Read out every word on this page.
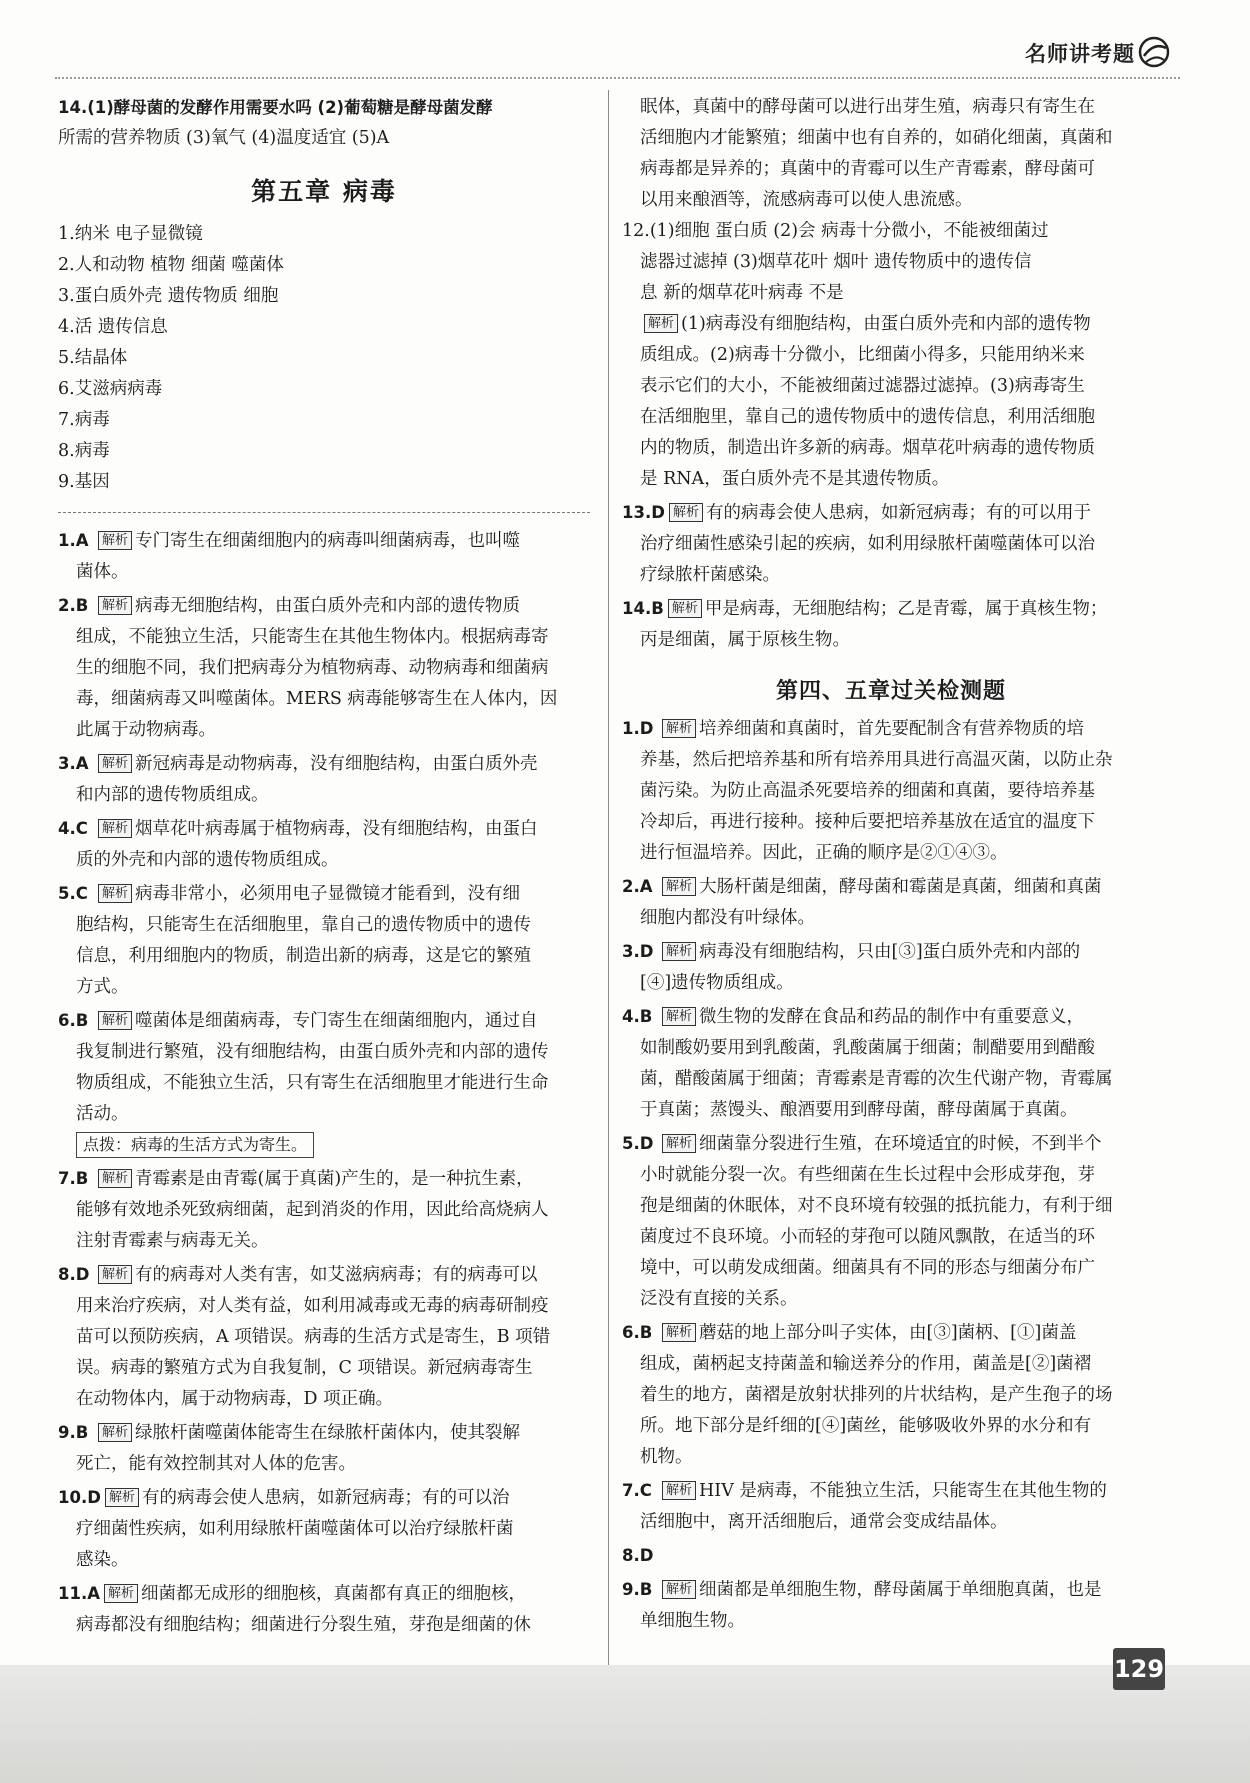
名师讲考题
14.(1)酵母菌的发酵作用需要水吗 (2)葡萄糖是酵母菌发酵
所需的营养物质 (3)氧气 (4)温度适宜 (5)A
第五章 病毒
1.纳米 电子显微镜
2.人和动物 植物 细菌 噬菌体
3.蛋白质外壳 遗传物质 细胞
4.活 遗传信息
5.结晶体
6.艾滋病病毒
7.病毒
8.病毒
9.基因
1.A 解析 专门寄生在细菌细胞内的病毒叫细菌病毒，也叫噬
菌体。
2.B 解析 病毒无细胞结构，由蛋白质外壳和内部的遗传物质
组成，不能独立生活，只能寄生在其他生物体内。根据病毒寄
生的细胞不同，我们把病毒分为植物病毒、动物病毒和细菌病
毒，细菌病毒又叫噬菌体。MERS 病毒能够寄生在人体内，因
此属于动物病毒。
3.A 解析 新冠病毒是动物病毒，没有细胞结构，由蛋白质外壳
和内部的遗传物质组成。
4.C 解析 烟草花叶病毒属于植物病毒，没有细胞结构，由蛋白
质的外壳和内部的遗传物质组成。
5.C 解析 病毒非常小，必须用电子显微镜才能看到，没有细
胞结构，只能寄生在活细胞里，靠自己的遗传物质中的遗传
信息，利用细胞内的物质，制造出新的病毒，这是它的繁殖
方式。
6.B 解析 噬菌体是细菌病毒，专门寄生在细菌细胞内，通过自
我复制进行繁殖，没有细胞结构，由蛋白质外壳和内部的遗传
物质组成，不能独立生活，只有寄生在活细胞里才能进行生命
活动。
点拨：病毒的生活方式为寄生。
7.B 解析 青霉素是由青霉(属于真菌)产生的，是一种抗生素，
能够有效地杀死致病细菌，起到消炎的作用，因此给高烧病人
注射青霉素与病毒无关。
8.D 解析 有的病毒对人类有害，如艾滋病病毒；有的病毒可以
用来治疗疾病，对人类有益，如利用减毒或无毒的病毒研制疫
苗可以预防疾病，A 项错误。病毒的生活方式是寄生，B 项错
误。病毒的繁殖方式为自我复制，C 项错误。新冠病毒寄生
在动物体内，属于动物病毒，D 项正确。
9.B 解析 绿脓杆菌噬菌体能寄生在绿脓杆菌体内，使其裂解
死亡，能有效控制其对人体的危害。
10.D 解析 有的病毒会使人患病，如新冠病毒；有的可以治
疗细菌性疾病，如利用绿脓杆菌噬菌体可以治疗绿脓杆菌
感染。
11.A 解析 细菌都无成形的细胞核，真菌都有真正的细胞核，
病毒都没有细胞结构；细菌进行分裂生殖，芽孢是细菌的休
眠体，真菌中的酵母菌可以进行出芽生殖，病毒只有寄生在
活细胞内才能繁殖；细菌中也有自养的，如硝化细菌，真菌和
病毒都是异养的；真菌中的青霉可以生产青霉素，酵母菌可
以用来酿酒等，流感病毒可以使人患流感。
12.(1)细胞 蛋白质 (2)会 病毒十分微小，不能被细菌过
滤器过滤掉 (3)烟草花叶 烟叶 遗传物质中的遗传信
息 新的烟草花叶病毒 不是
解析 (1)病毒没有细胞结构，由蛋白质外壳和内部的遗传物
质组成。(2)病毒十分微小，比细菌小得多，只能用纳米来
表示它们的大小，不能被细菌过滤器过滤掉。(3)病毒寄生
在活细胞里，靠自己的遗传物质中的遗传信息，利用活细胞
内的物质，制造出许多新的病毒。烟草花叶病毒的遗传物质
是 RNA，蛋白质外壳不是其遗传物质。
13.D 解析 有的病毒会使人患病，如新冠病毒；有的可以用于
治疗细菌性感染引起的疾病，如利用绿脓杆菌噬菌体可以治
疗绿脓杆菌感染。
14.B 解析 甲是病毒，无细胞结构；乙是青霉，属于真核生物；
丙是细菌，属于原核生物。
第四、五章过关检测题
1.D 解析 培养细菌和真菌时，首先要配制含有营养物质的培
养基，然后把培养基和所有培养用具进行高温灭菌，以防止杂
菌污染。为防止高温杀死要培养的细菌和真菌，要待培养基
冷却后，再进行接种。接种后要把培养基放在适宜的温度下
进行恒温培养。因此，正确的顺序是②①④③。
2.A 解析 大肠杆菌是细菌，酵母菌和霉菌是真菌，细菌和真菌
细胞内都没有叶绿体。
3.D 解析 病毒没有细胞结构，只由[③]蛋白质外壳和内部的
[④]遗传物质组成。
4.B 解析 微生物的发酵在食品和药品的制作中有重要意义，
如制酸奶要用到乳酸菌，乳酸菌属于细菌；制醋要用到醋酸
菌，醋酸菌属于细菌；青霉素是青霉的次生代谢产物，青霉属
于真菌；蒸馒头、酿酒要用到酵母菌，酵母菌属于真菌。
5.D 解析 细菌靠分裂进行生殖，在环境适宜的时候，不到半个
小时就能分裂一次。有些细菌在生长过程中会形成芽孢，芽
孢是细菌的休眠体，对不良环境有较强的抵抗能力，有利于细
菌度过不良环境。小而轻的芽孢可以随风飘散，在适当的环
境中，可以萌发成细菌。细菌具有不同的形态与细菌分布广
泛没有直接的关系。
6.B 解析 蘑菇的地上部分叫子实体，由[③]菌柄、[①]菌盖
组成，菌柄起支持菌盖和输送养分的作用，菌盖是[②]菌褶
着生的地方，菌褶是放射状排列的片状结构，是产生孢子的场
所。地下部分是纤细的[④]菌丝，能够吸收外界的水分和有
机物。
7.C 解析 HIV 是病毒，不能独立生活，只能寄生在其他生物的
活细胞中，离开活细胞后，通常会变成结晶体。
8.D
9.B 解析 细菌都是单细胞生物，酵母菌属于单细胞真菌，也是
单细胞生物。
129
